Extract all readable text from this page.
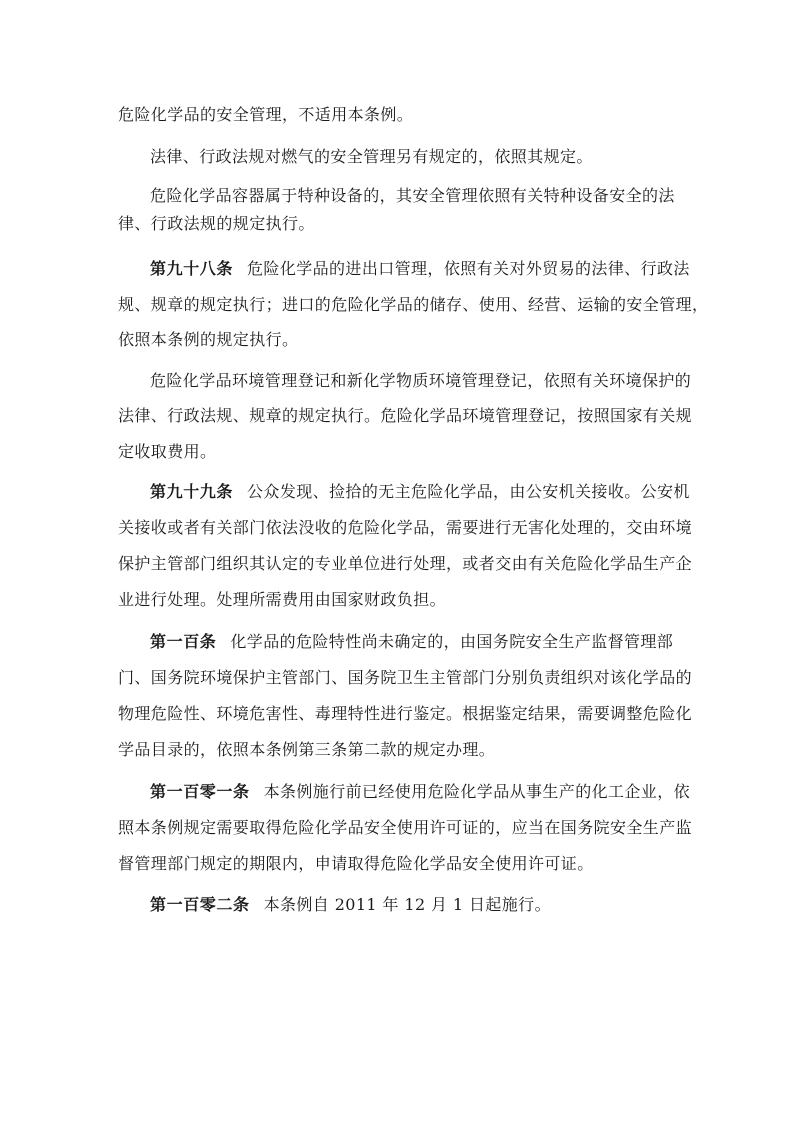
危险化学品的安全管理，不适用本条例。
法律、行政法规对燃气的安全管理另有规定的，依照其规定。
危险化学品容器属于特种设备的，其安全管理依照有关特种设备安全的法
律、行政法规的规定执行。
第九十八条 危险化学品的进出口管理，依照有关对外贸易的法律、行政法
规、规章的规定执行；进口的危险化学品的储存、使用、经营、运输的安全管理，
依照本条例的规定执行。
危险化学品环境管理登记和新化学物质环境管理登记，依照有关环境保护的
法律、行政法规、规章的规定执行。危险化学品环境管理登记，按照国家有关规
定收取费用。
第九十九条 公众发现、捡拾的无主危险化学品，由公安机关接收。公安机
关接收或者有关部门依法没收的危险化学品，需要进行无害化处理的，交由环境
保护主管部门组织其认定的专业单位进行处理，或者交由有关危险化学品生产企
业进行处理。处理所需费用由国家财政负担。
第一百条 化学品的危险特性尚未确定的，由国务院安全生产监督管理部
门、国务院环境保护主管部门、国务院卫生主管部门分别负责组织对该化学品的
物理危险性、环境危害性、毒理特性进行鉴定。根据鉴定结果，需要调整危险化
学品目录的，依照本条例第三条第二款的规定办理。
第一百零一条 本条例施行前已经使用危险化学品从事生产的化工企业，依
照本条例规定需要取得危险化学品安全使用许可证的，应当在国务院安全生产监
督管理部门规定的期限内，申请取得危险化学品安全使用许可证。
第一百零二条 本条例自 2011 年 12 月 1 日起施行。
